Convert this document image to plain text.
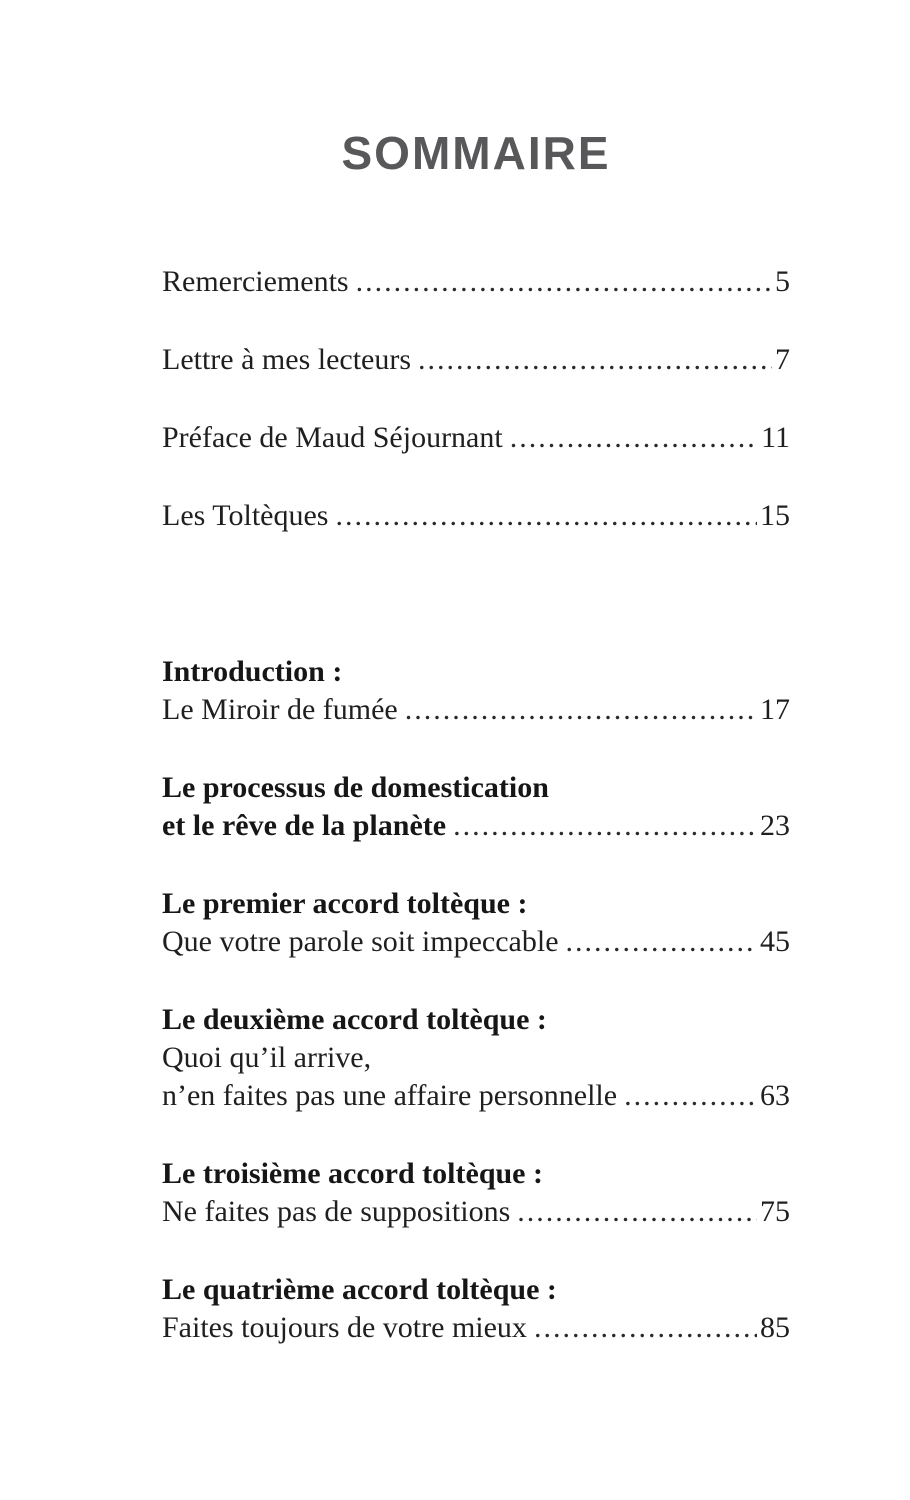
SOMMAIRE
Remerciements .....	5
Lettre à mes lecteurs .....	7
Préface de Maud Séjournant .....	11
Les Toltèques .....	15
Introduction :
Le Miroir de fumée .....	17
Le processus de domestication
et le rêve de la planète .....	23
Le premier accord toltèque :
Que votre parole soit impeccable .....	45
Le deuxième accord toltèque :
Quoi qu’il arrive,
n’en faites pas une affaire personnelle .....	63
Le troisième accord toltèque :
Ne faites pas de suppositions .....	75
Le quatrième accord toltèque :
Faites toujours de votre mieux .....	85
